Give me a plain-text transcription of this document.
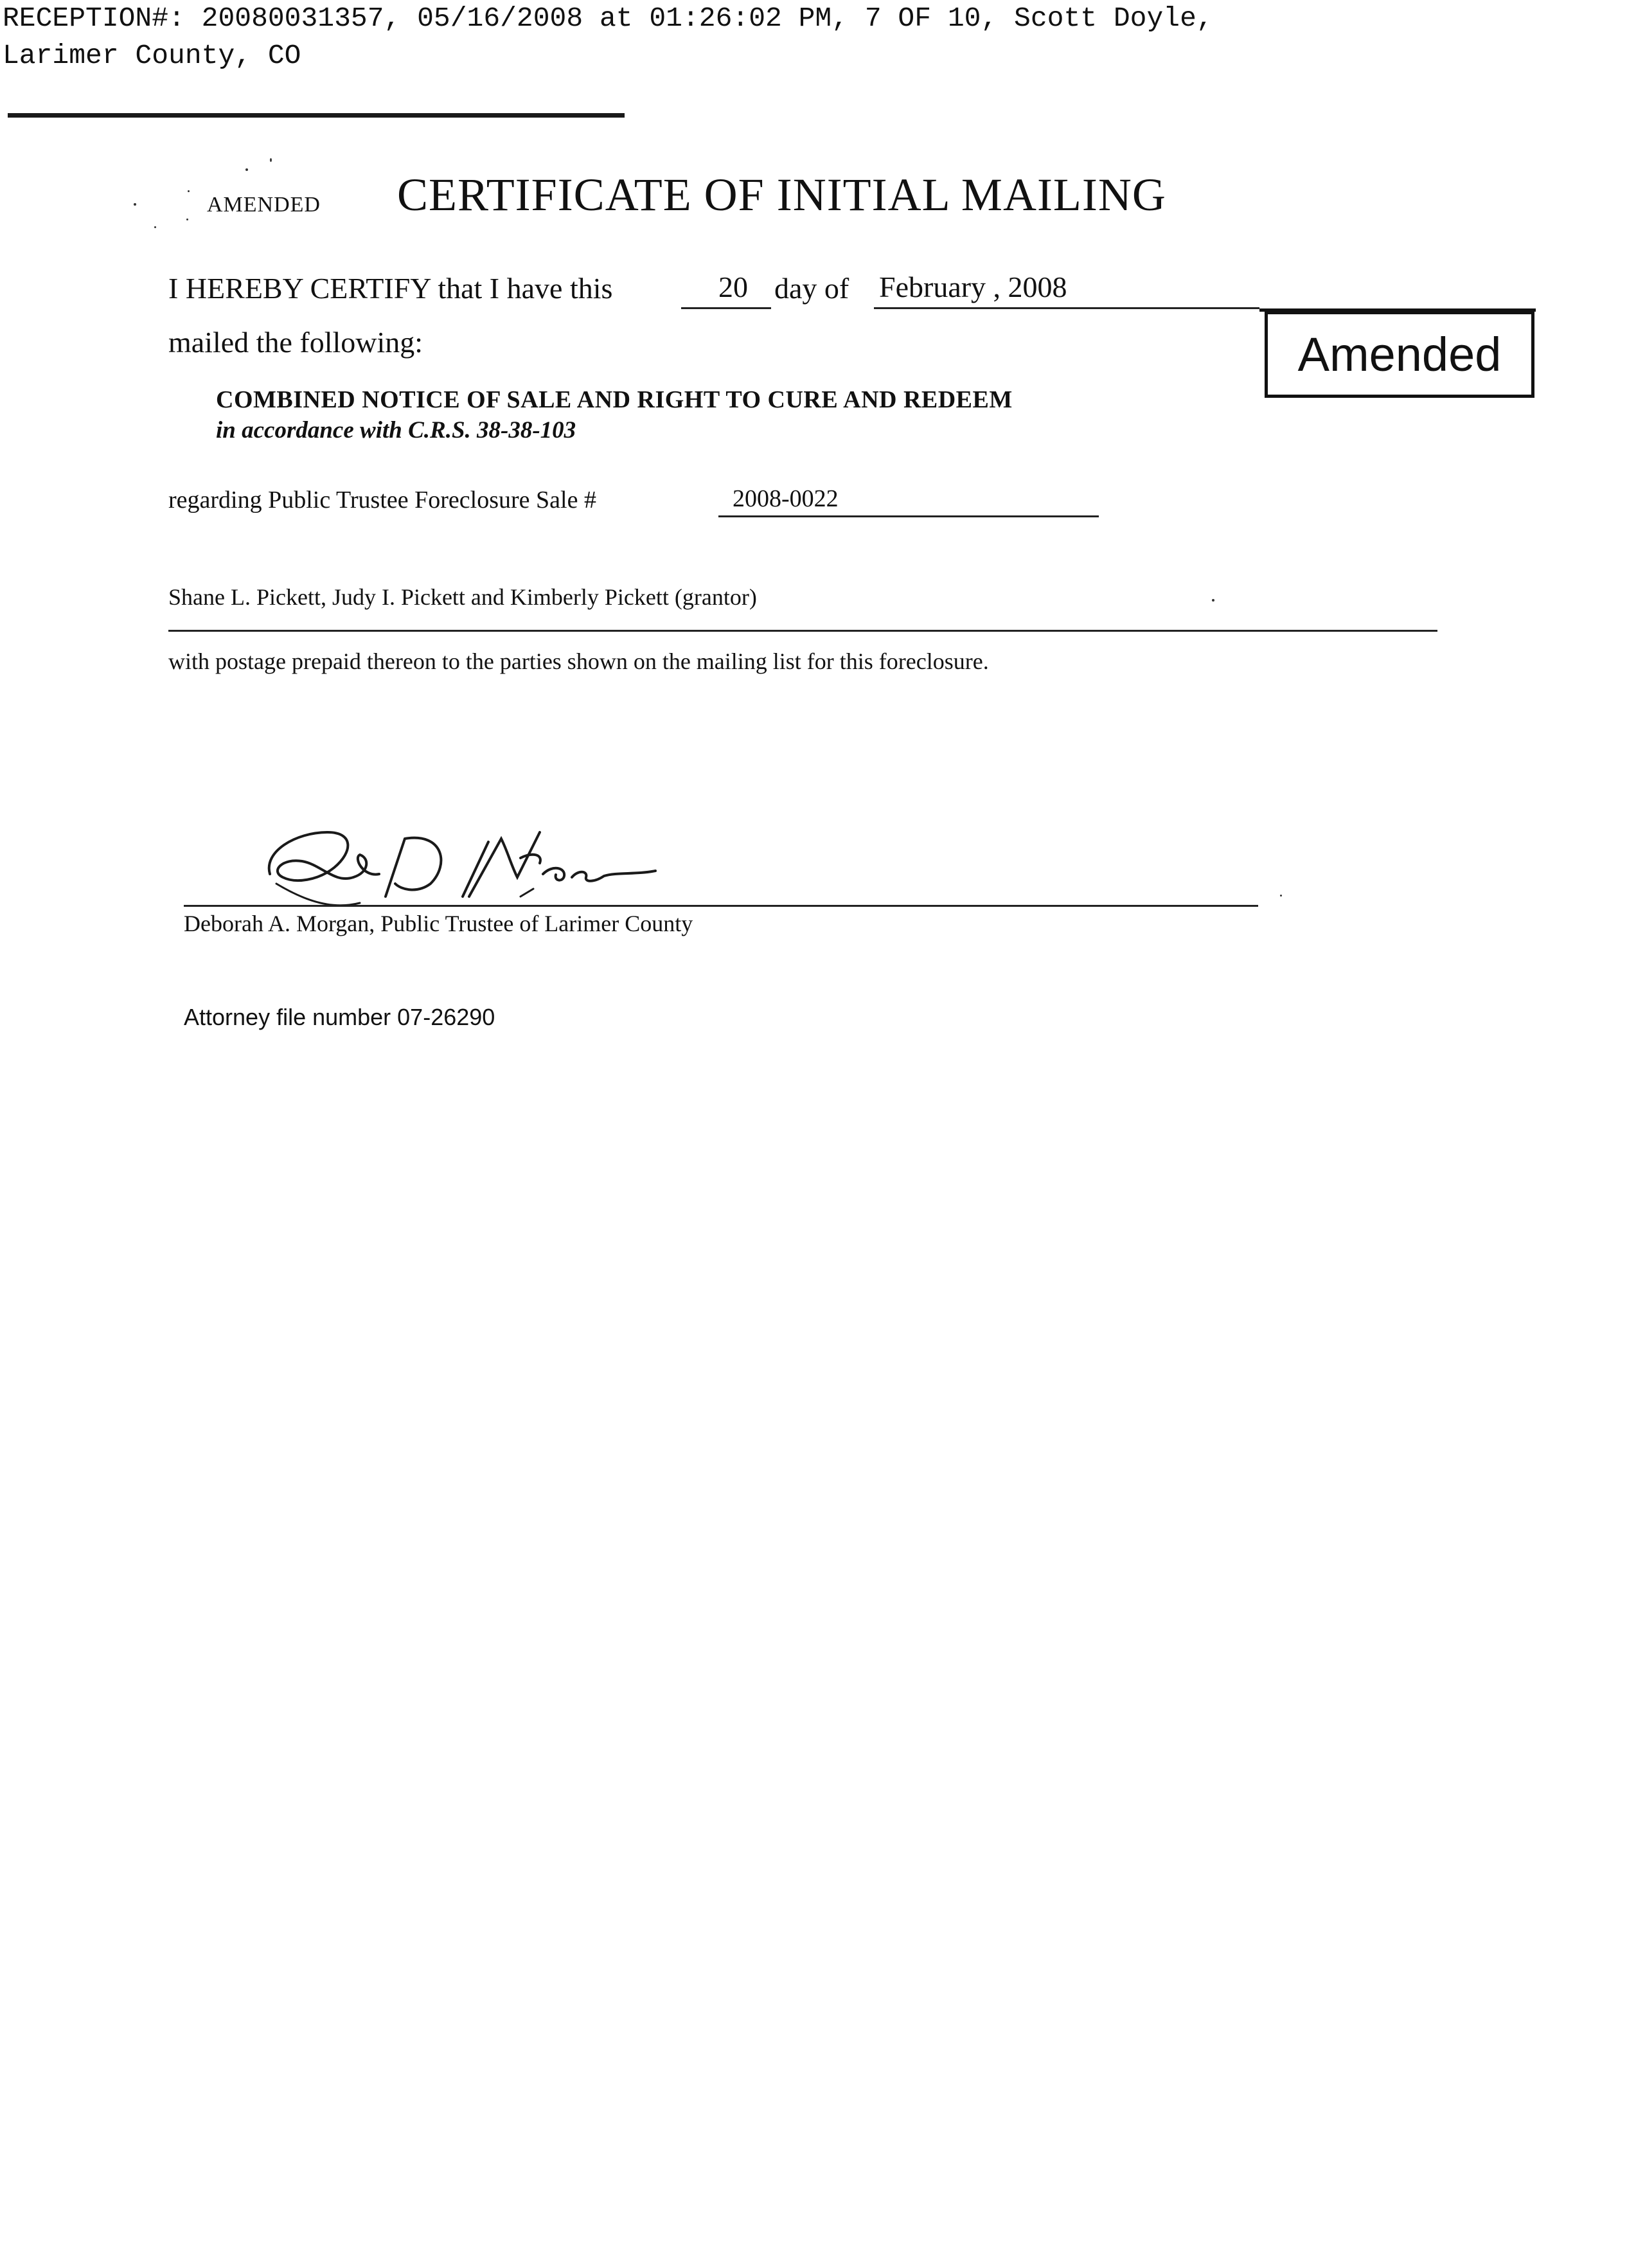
RECEPTION#: 20080031357, 05/16/2008 at 01:26:02 PM, 7 OF 10, Scott Doyle,
Larimer County, CO
AMENDED CERTIFICATE OF INITIAL MAILING
I HEREBY CERTIFY that I have this	20 day of February , 2008
mailed the following:	Amended
COMBINED NOTICE OF SALE AND RIGHT TO CURE AND REDEEM
in accordance with C.R.S. 38-38-103
regarding Public Trustee Foreclosure Sale #	2008-0022
Shane L. Pickett, Judy I. Pickett and Kimberly Pickett (grantor)
with postage prepaid thereon to the parties shown on the mailing list for this foreclosure.
Deborah A. Morgan, Public Trustee of Larimer County
Attorney file number 07-26290
